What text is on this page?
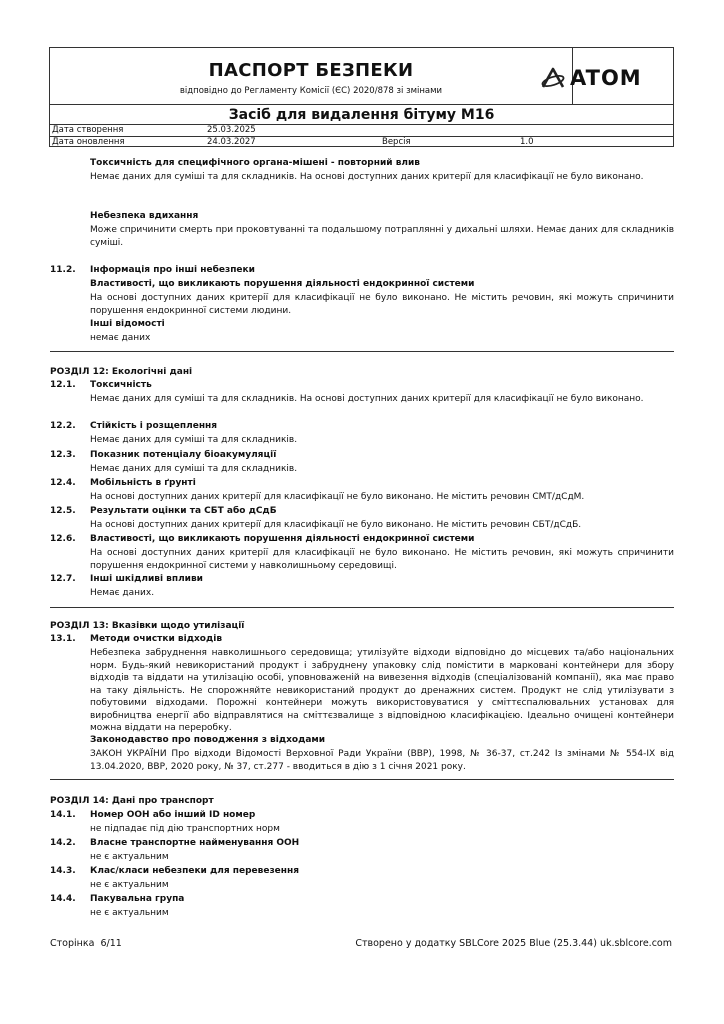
ПАСПОРТ БЕЗПЕКИ
відповідно до Регламенту Комісії (ЄС) 2020/878 зі змінами
ATOM
Засіб для видалення бітуму M16
Дата створення	25.03.2025
Дата оновлення	24.03.2027	Версія	1.0
Токсичність для специфічного органа-мішені - повторний влив
Немає даних для суміші та для складників. На основі доступних даних критерії для класифікації не було виконано.
Небезпека вдихання
Може спричинити смерть при проковтуванні та подальшому потраплянні у дихальні шляхи. Немає даних для складників суміші.
11.2. Інформація про інші небезпеки
Властивості, що викликають порушення діяльності ендокринної системи
На основі доступних даних критерії для класифікації не було виконано. Не містить речовин, які можуть спричинити порушення ендокринної системи людини.
Інші відомості
немає даних
РОЗДІЛ 12: Екологічні дані
12.1. Токсичність
Немає даних для суміші та для складників. На основі доступних даних критерії для класифікації не було виконано.
12.2. Стійкість і розщеплення
Немає даних для суміші та для складників.
12.3. Показник потенціалу біоакумуляції
Немає даних для суміші та для складників.
12.4. Мобільність в ґрунті
На основі доступних даних критерії для класифікації не було виконано. Не містить речовин СМТ/дСдМ.
12.5. Результати оцінки та СБТ або дСдБ
На основі доступних даних критерії для класифікації не було виконано. Не містить речовин СБТ/дСдБ.
12.6. Властивості, що викликають порушення діяльності ендокринної системи
На основі доступних даних критерії для класифікації не було виконано. Не містить речовин, які можуть спричинити порушення ендокринної системи у навколишньому середовищі.
12.7. Інші шкідливі впливи
Немає даних.
РОЗДІЛ 13: Вказівки щодо утилізації
13.1. Методи очистки відходів
Небезпека забруднення навколишнього середовища; утилізуйте відходи відповідно до місцевих та/або національних норм. Будь-який невикористаний продукт і забруднену упаковку слід помістити в марковані контейнери для збору відходів та віддати на утилізацію особі, уповноваженій на вивезення відходів (спеціалізованій компанії), яка має право на таку діяльність. Не спорожняйте невикористаний продукт до дренажних систем. Продукт не слід утилізувати з побутовими відходами. Порожні контейнери можуть використовуватися у сміттєспалювальних установах для виробництва енергії або відправлятися на сміттєзвалище з відповідною класифікацією. Ідеально очищені контейнери можна віддати на переробку.
Законодавство про поводження з відходами
ЗАКОН УКРАЇНИ Про відходи Відомості Верховної Ради України (ВВР), 1998, № 36-37, ст.242 Із змінами № 554-IX від 13.04.2020, ВВР, 2020 року, № 37, ст.277 - вводиться в дію з 1 січня 2021 року.
РОЗДІЛ 14: Дані про транспорт
14.1. Номер ООН або інший ID номер
не підпадає під дію транспортних норм
14.2. Власне транспортне найменування ООН
не є актуальним
14.3. Клас/класи небезпеки для перевезення
не є актуальним
14.4. Пакувальна група
не є актуальним
Сторінка 6/11	Створено у додатку SBLCore 2025 Blue (25.3.44) uk.sblcore.com
